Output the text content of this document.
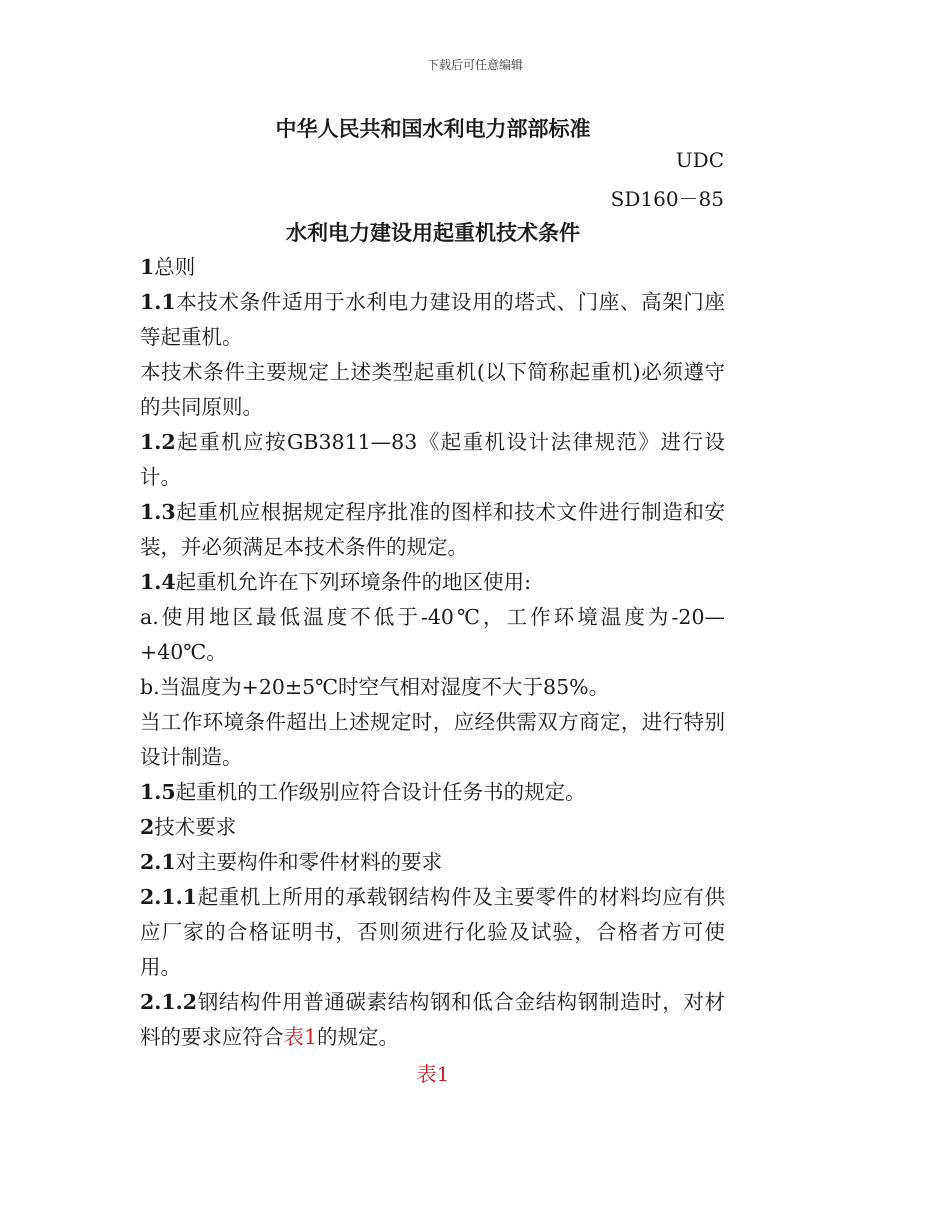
下载后可任意编辑
中华人民共和国水利电力部部标准
UDC
SD160－85
水利电力建设用起重机技术条件

1总则

1.1本技术条件适用于水利电力建设用的塔式、门座、高架门座等起重机。

本技术条件主要规定上述类型起重机(以下简称起重机)必须遵守的共同原则。

1.2起重机应按GB3811—83《起重机设计法律规范》进行设计。

1.3起重机应根据规定程序批准的图样和技术文件进行制造和安装，并必须满足本技术条件的规定。

1.4起重机允许在下列环境条件的地区使用:

a.使用地区最低温度不低于-40℃，工作环境温度为-20—+40℃。

b.当温度为+20±5℃时空气相对湿度不大于85%。

当工作环境条件超出上述规定时，应经供需双方商定，进行特别设计制造。

1.5起重机的工作级别应符合设计任务书的规定。

2技术要求

2.1对主要构件和零件材料的要求

2.1.1起重机上所用的承载钢结构件及主要零件的材料均应有供应厂家的合格证明书，否则须进行化验及试验，合格者方可使用。

2.1.2钢结构件用普通碳素结构钢和低合金结构钢制造时，对材料的要求应符合表1的规定。

表1
